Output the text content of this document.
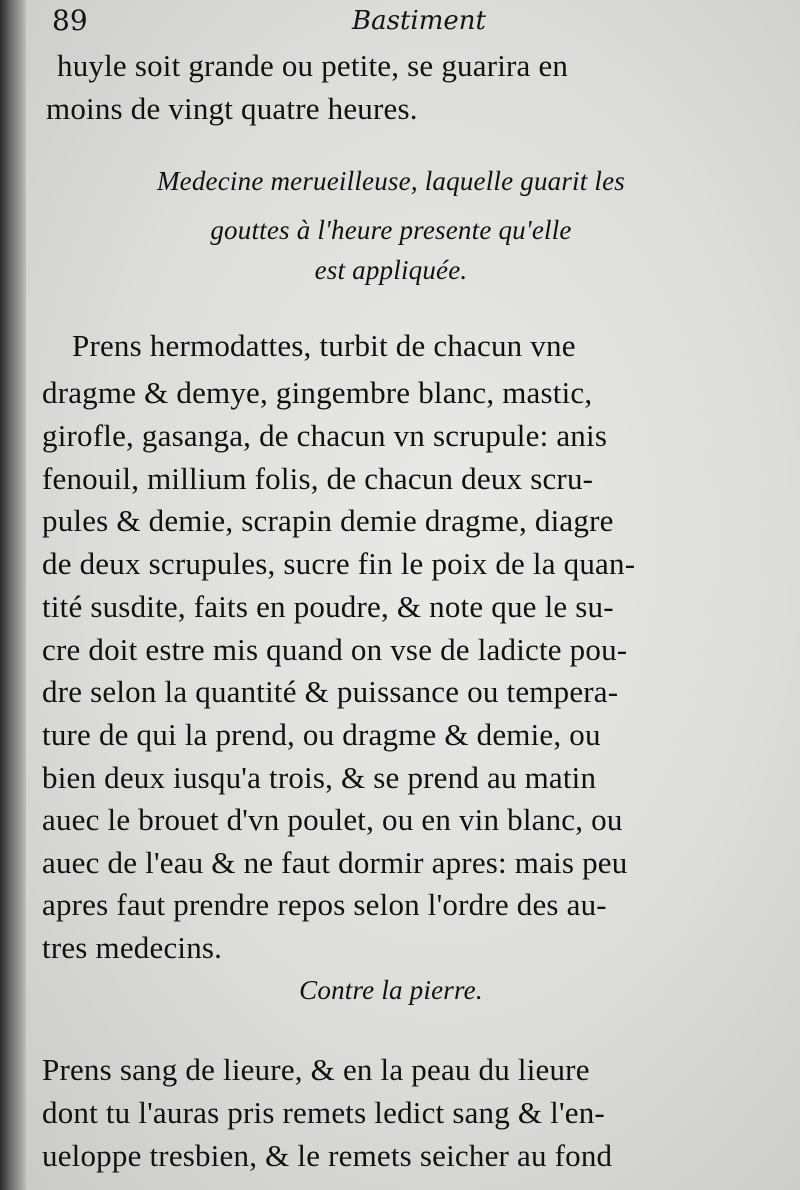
89	Bastiment
huyle soit grande ou petite, se guarira en
moins de vingt quatre heures.
Medecine merueilleuse, laquelle guarit les
gouttes à l'heure presente qu'elle
est appliquée.
Prens hermodattes, turbit de chacun vne
dragme & demye, gingembre blanc, mastic,
girofle, gasanga, de chacun vn scrupule: anis
fenouil, millium folis, de chacun deux scru-
pules & demie, scrapin demie dragme, diagre
de deux scrupules, sucre fin le poix de la quan-
tité susdite, faits en poudre, & note que le su-
cre doit estre mis quand on vse de ladicte pou-
dre selon la quantité & puissance ou tempera-
ture de qui la prend, ou dragme & demie, ou
bien deux iusqu'a trois, & se prend au matin
auec le brouet d'vn poulet, ou en vin blanc, ou
auec de l'eau & ne faut dormir apres: mais peu
apres faut prendre repos selon l'ordre des au-
tres medecins.
Contre la pierre.
Prens sang de lieure, & en la peau du lieure
dont tu l'auras pris remets ledict sang & l'en-
ueloppe tresbien, & le remets seicher au fond
